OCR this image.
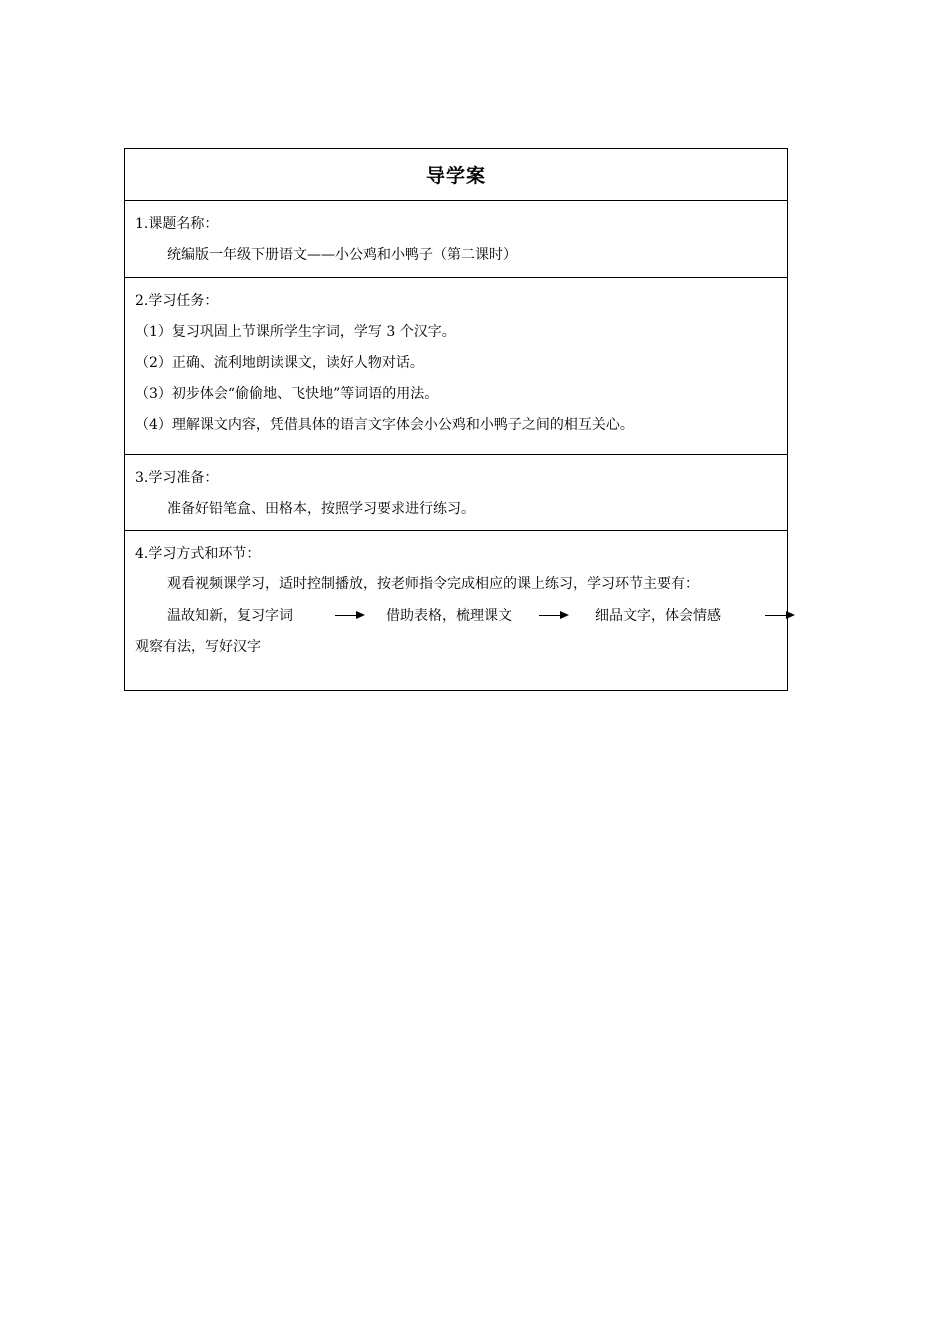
导学案
1.课题名称：
统编版一年级下册语文——小公鸡和小鸭子（第二课时）
2.学习任务：
（1）复习巩固上节课所学生字词，学写 3 个汉字。
（2）正确、流利地朗读课文，读好人物对话。
（3）初步体会“偷偷地、飞快地”等词语的用法。
（4）理解课文内容，凭借具体的语言文字体会小公鸡和小鸭子之间的相互关心。
3.学习准备：
准备好铅笔盒、田格本，按照学习要求进行练习。
4.学习方式和环节：
观看视频课学习，适时控制播放，按老师指令完成相应的课上练习，学习环节主要有：
温故知新，复习字词	借助表格，梳理课文	细品文字，体会情感
观察有法，写好汉字
